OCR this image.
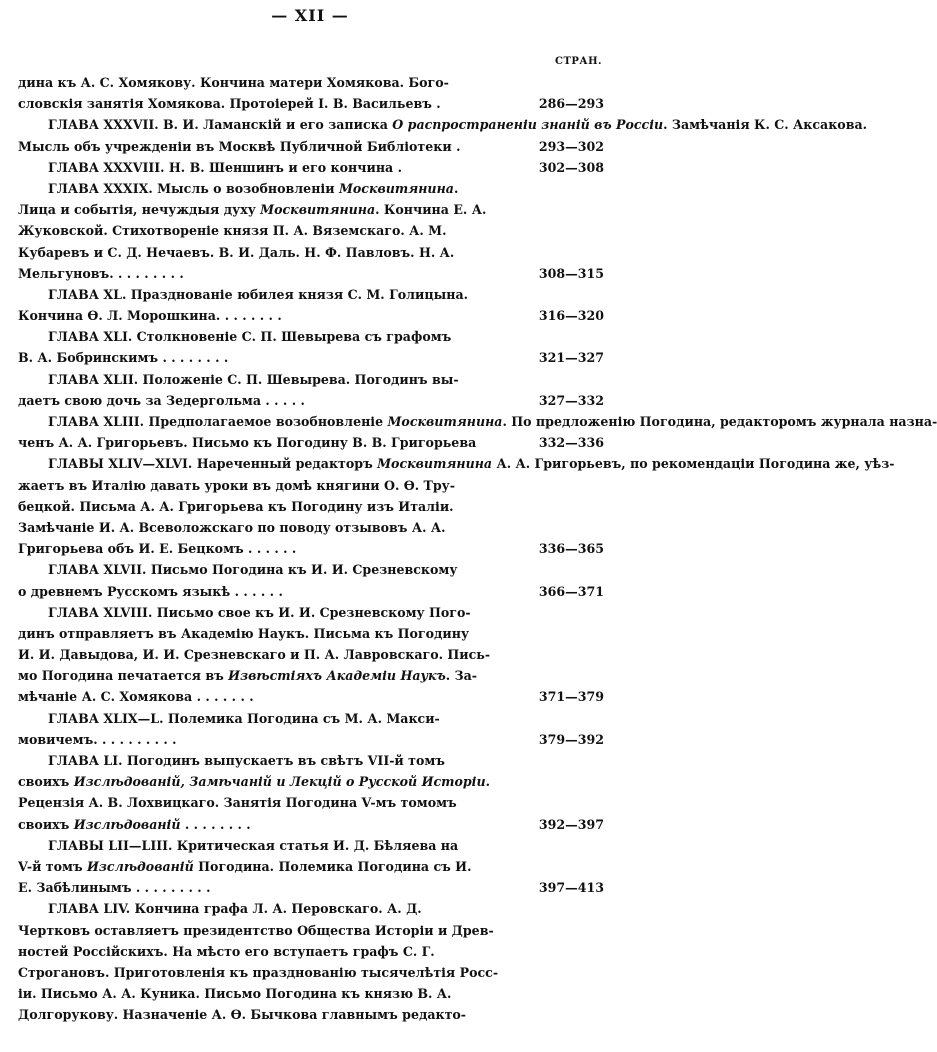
— XII —
СТРАН.
дина къ А. С. Хомякову. Кончина матери Хомякова. Бого-
словскія занятія Хомякова. Протоіерей І. В. Васильевъ .	286—293
ГЛАВА XXXVII. В. И. Ламанскій и его записка О распространеніи знаній въ Россіи. Замѣчанія К. С. Аксакова.
Мысль объ учрежденіи въ Москвѣ Публичной Библіотеки .	293—302
ГЛАВА XXXVIII. Н. В. Шеншинъ и его кончина .	302—308
ГЛАВА XXXIX. Мысль о возобновленіи Москвитянина.
Лица и событія, нечуждыя духу Москвитянина. Кончина Е. А.
Жуковской. Стихотвореніе князя П. А. Вяземскаго. А. М.
Кубаревъ и С. Д. Нечаевъ. В. И. Даль. Н. Ф. Павловъ. Н. А.
Мельгуновъ. . . . . . . . .	308—315
ГЛАВА XL. Празднованіе юбилея князя С. М. Голицына.
Кончина Ѳ. Л. Морошкина. . . . . . . .	316—320
ГЛАВА XLI. Столкновеніе С. П. Шевырева съ графомъ
В. А. Бобринскимъ . . . . . . . .	321—327
ГЛАВА XLII. Положеніе С. П. Шевырева. Погодинъ вы-
даетъ свою дочь за Зедергольма . . . . .	327—332
ГЛАВА XLIII. Предполагаемое возобновленіе Москвитянина. По предложенію Погодина, редакторомъ журнала назна-
ченъ А. А. Григорьевъ. Письмо къ Погодину В. В. Григорьева	332—336
ГЛАВЫ XLIV—XLVI. Нареченный редакторъ Москвитянина А. А. Григорьевъ, по рекомендаціи Погодина же, уѣз-
жаетъ въ Италію давать уроки въ домѣ княгини О. Ѳ. Тру-
бецкой. Письма А. А. Григорьева къ Погодину изъ Италіи.
Замѣчаніе И. А. Всеволожскаго по поводу отзывовъ А. А.
Григорьева объ И. Е. Бецкомъ . . . . . .	336—365
ГЛАВА XLVII. Письмо Погодина къ И. И. Срезневскому
о древнемъ Русскомъ языкѣ . . . . . .	366—371
ГЛАВА XLVIII. Письмо свое къ И. И. Срезневскому Пого-
динъ отправляетъ въ Академію Наукъ. Письма къ Погодину
И. И. Давыдова, И. И. Срезневскаго и П. А. Лавровскаго. Пись-
мо Погодина печатается въ Извѣстіяхъ Академіи Наукъ. За-
мѣчаніе А. С. Хомякова . . . . . . .	371—379
ГЛАВА XLIX—L. Полемика Погодина съ М. А. Макси-
мовичемъ. . . . . . . . . .	379—392
ГЛАВА LI. Погодинъ выпускаетъ въ свѣтъ VII-й томъ
своихъ Изслѣдованій, Замѣчаній и Лекцій о Русской Исторіи.
Рецензія А. В. Лохвицкаго. Занятія Погодина V-мъ томомъ
своихъ Изслѣдованій . . . . . . . .	392—397
ГЛАВЫ LII—LIII. Критическая статья И. Д. Бѣляева на
V-й томъ Изслѣдованій Погодина. Полемика Погодина съ И.
Е. Забѣлинымъ . . . . . . . . .	397—413
ГЛАВА LIV. Кончина графа Л. А. Перовскаго. А. Д.
Чертковъ оставляетъ президентство Общества Исторіи и Древ-
ностей Россійскихъ. На мѣсто его вступаетъ графъ С. Г.
Строгановъ. Приготовленія къ празднованію тысячелѣтія Росс-
іи. Письмо А. А. Куника. Письмо Погодина къ князю В. А.
Долгорукову. Назначеніе А. Ѳ. Бычкова главнымъ редакто-
